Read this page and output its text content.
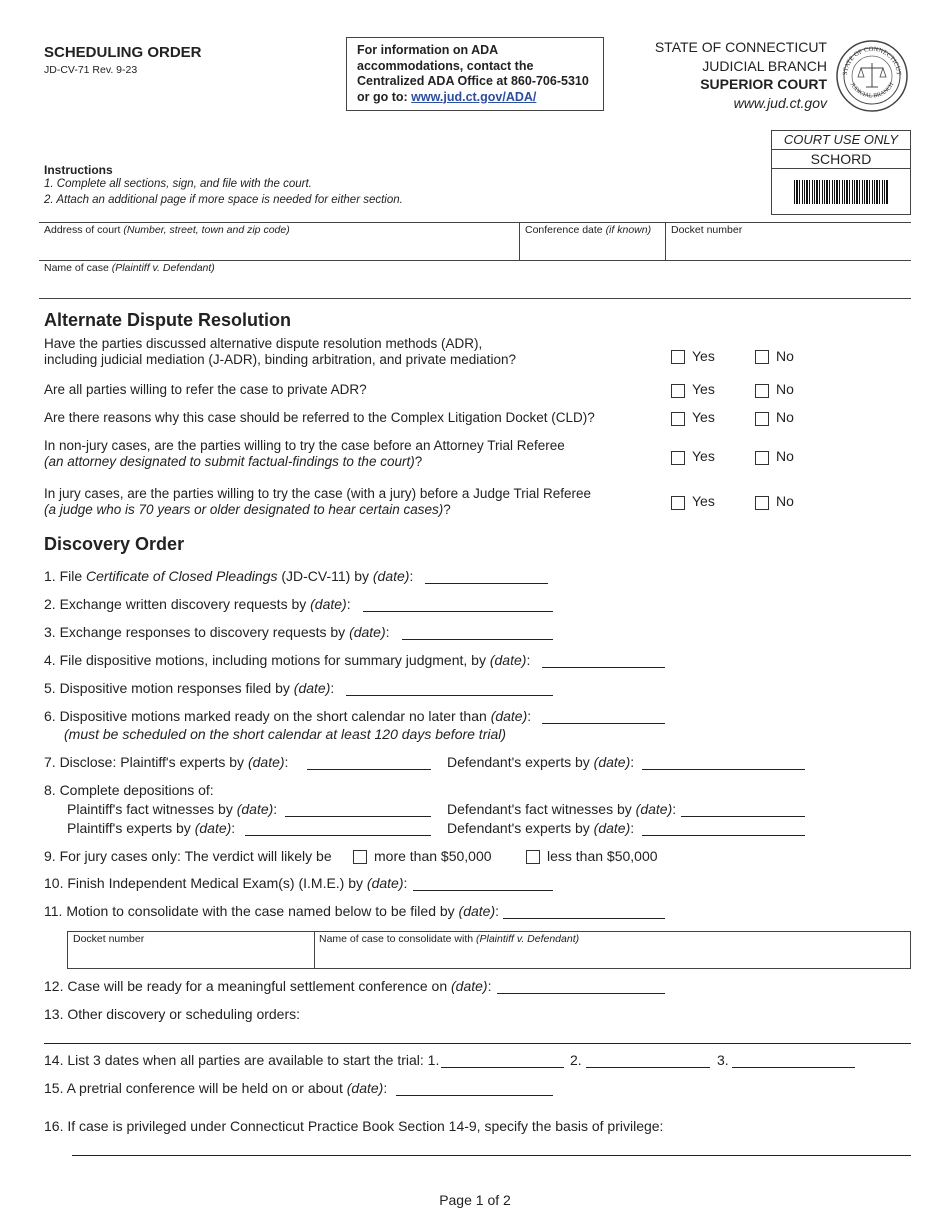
SCHEDULING ORDER
JD-CV-71 Rev. 9-23
For information on ADA
accommodations, contact the
Centralized ADA Office at 860-706-5310
or go to: www.jud.ct.gov/ADA/
STATE OF CONNECTICUT
JUDICIAL BRANCH
SUPERIOR COURT
www.jud.ct.gov
STATE OF CONNECTICUT
JUDICIAL BRANCH
COURT USE ONLY
SCHORD
Instructions
1. Complete all sections, sign, and file with the court.
2. Attach an additional page if more space is needed for either section.
Address of court (Number, street, town and zip code)	Conference date (if known) Docket number
Name of case (Plaintiff v. Defendant)
Alternate Dispute Resolution
Have the parties discussed alternative dispute resolution methods (ADR),
including judicial mediation (J-ADR), binding arbitration, and private mediation?	Yes	No
Are all parties willing to refer the case to private ADR?	Yes	No
Are there reasons why this case should be referred to the Complex Litigation Docket (CLD)?	Yes	No
In non-jury cases, are the parties willing to try the case before an Attorney Trial Referee
(an attorney designated to submit factual-findings to the court)?	Yes	No
In jury cases, are the parties willing to try the case (with a jury) before a Judge Trial Referee
(a judge who is 70 years or older designated to hear certain cases)?
Yes	No
Discovery Order
1. File Certificate of Closed Pleadings (JD-CV-11) by (date):
2. Exchange written discovery requests by (date):
3. Exchange responses to discovery requests by (date):
4. File dispositive motions, including motions for summary judgment, by (date):
5. Dispositive motion responses filed by (date):
6. Dispositive motions marked ready on the short calendar no later than (date):
(must be scheduled on the short calendar at least 120 days before trial)
7. Disclose: Plaintiff's experts by (date):	Defendant's experts by (date):
8. Complete depositions of:
Plaintiff's fact witnesses by (date):	Defendant's fact witnesses by (date):
Plaintiff's experts by (date):	Defendant's experts by (date):
9. For jury cases only: The verdict will likely be	more than $50,000	less than $50,000
10. Finish Independent Medical Exam(s) (I.M.E.) by (date):
11. Motion to consolidate with the case named below to be filed by (date):
Docket number	Name of case to consolidate with (Plaintiff v. Defendant)
12. Case will be ready for a meaningful settlement conference on (date):
13. Other discovery or scheduling orders:
14. List 3 dates when all parties are available to start the trial: 1.	2.	3.
15. A pretrial conference will be held on or about (date):
16. If case is privileged under Connecticut Practice Book Section 14-9, specify the basis of privilege:
Page 1 of 2
